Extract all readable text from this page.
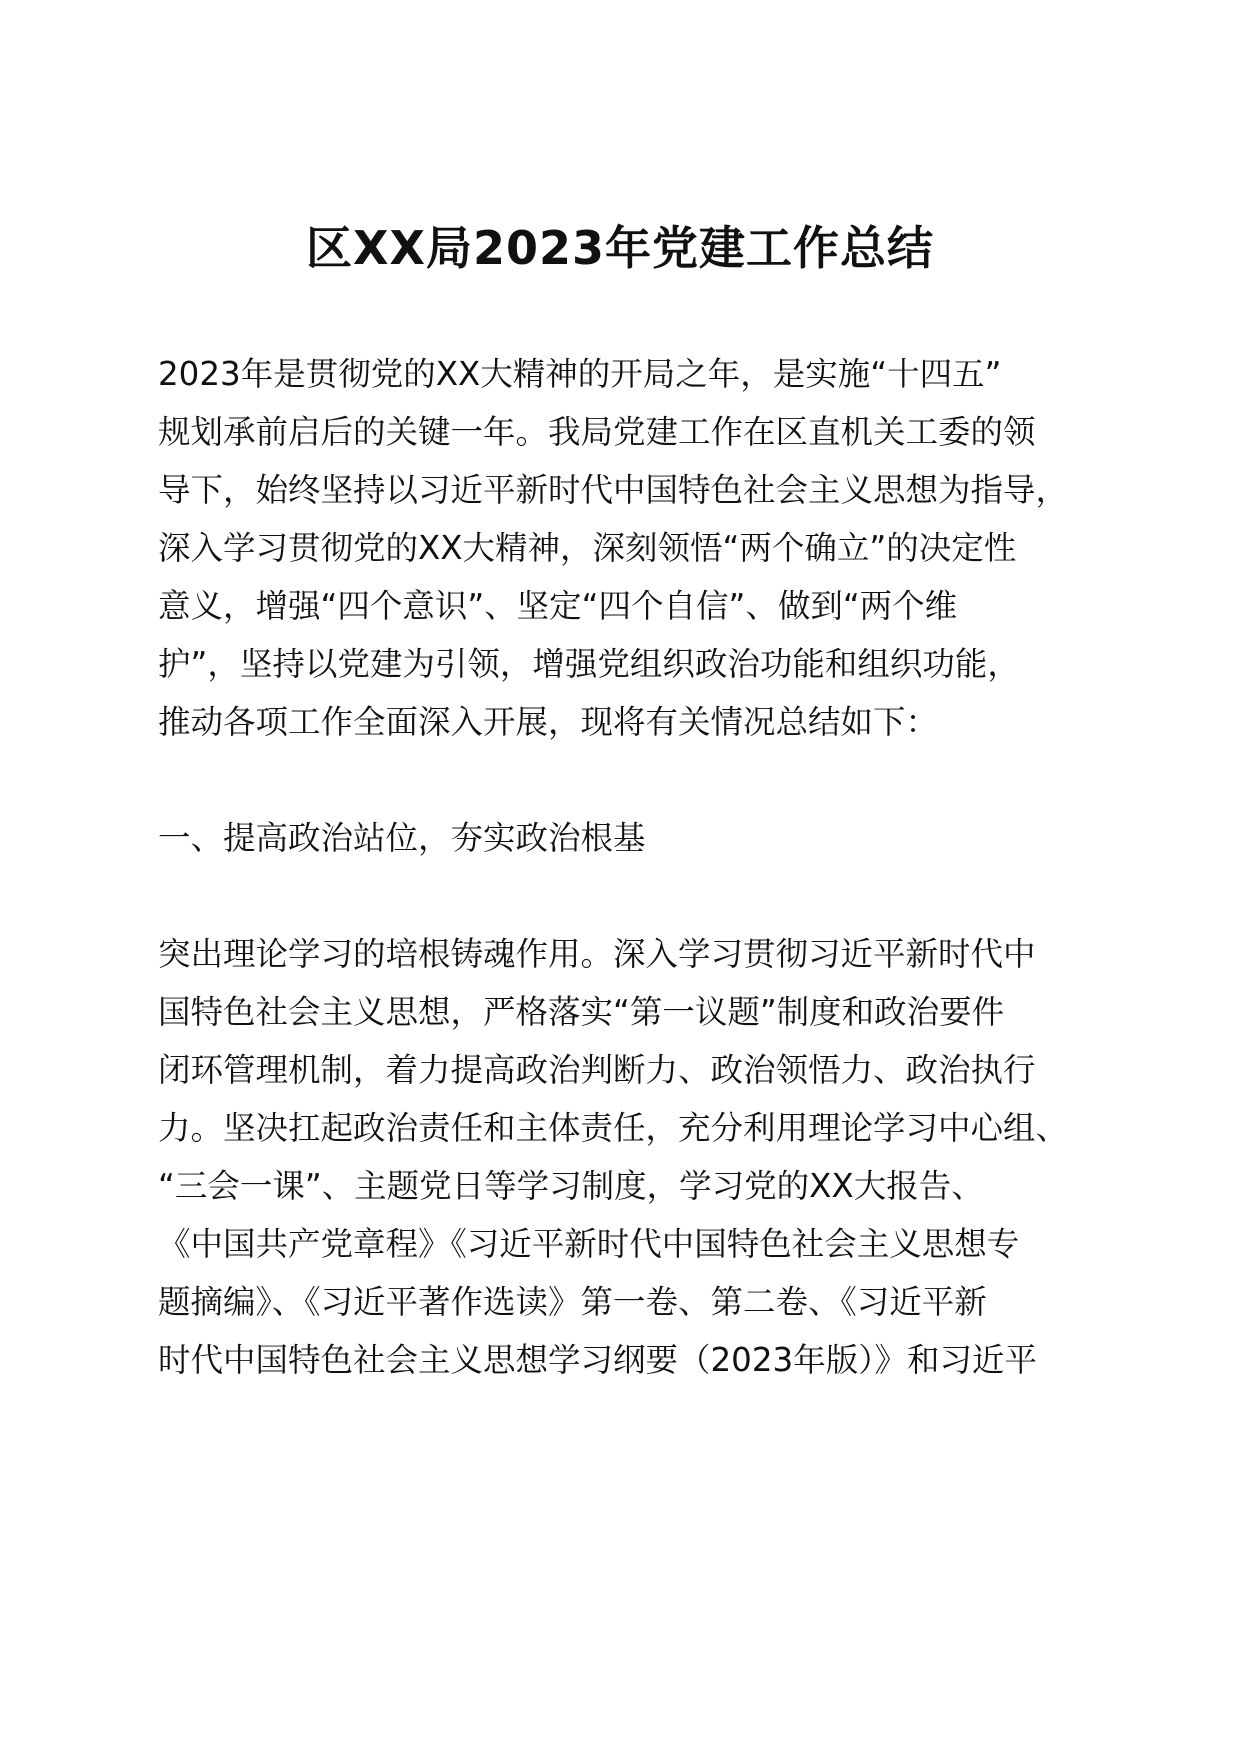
区XX局2023年党建工作总结

2023年是贯彻党的XX大精神的开局之年，是实施“十四五”

规划承前启后的关键一年。我局党建工作在区直机关工委的领

导下，始终坚持以习近平新时代中国特色社会主义思想为指导，

深入学习贯彻党的XX大精神，深刻领悟“两个确立”的决定性

意义，增强“四个意识”、坚定“四个自信”、做到“两个维

护”，坚持以党建为引领，增强党组织政治功能和组织功能，

推动各项工作全面深入开展，现将有关情况总结如下：

一、提高政治站位，夯实政治根基

突出理论学习的培根铸魂作用。深入学习贯彻习近平新时代中

国特色社会主义思想，严格落实“第一议题”制度和政治要件

闭环管理机制，着力提高政治判断力、政治领悟力、政治执行

力。坚决扛起政治责任和主体责任，充分利用理论学习中心组、

“三会一课”、主题党日等学习制度，学习党的XX大报告、

《中国共产党章程》《习近平新时代中国特色社会主义思想专

题摘编》、《习近平著作选读》第一卷、第二卷、《习近平新

时代中国特色社会主义思想学习纲要（2023年版）》和习近平
